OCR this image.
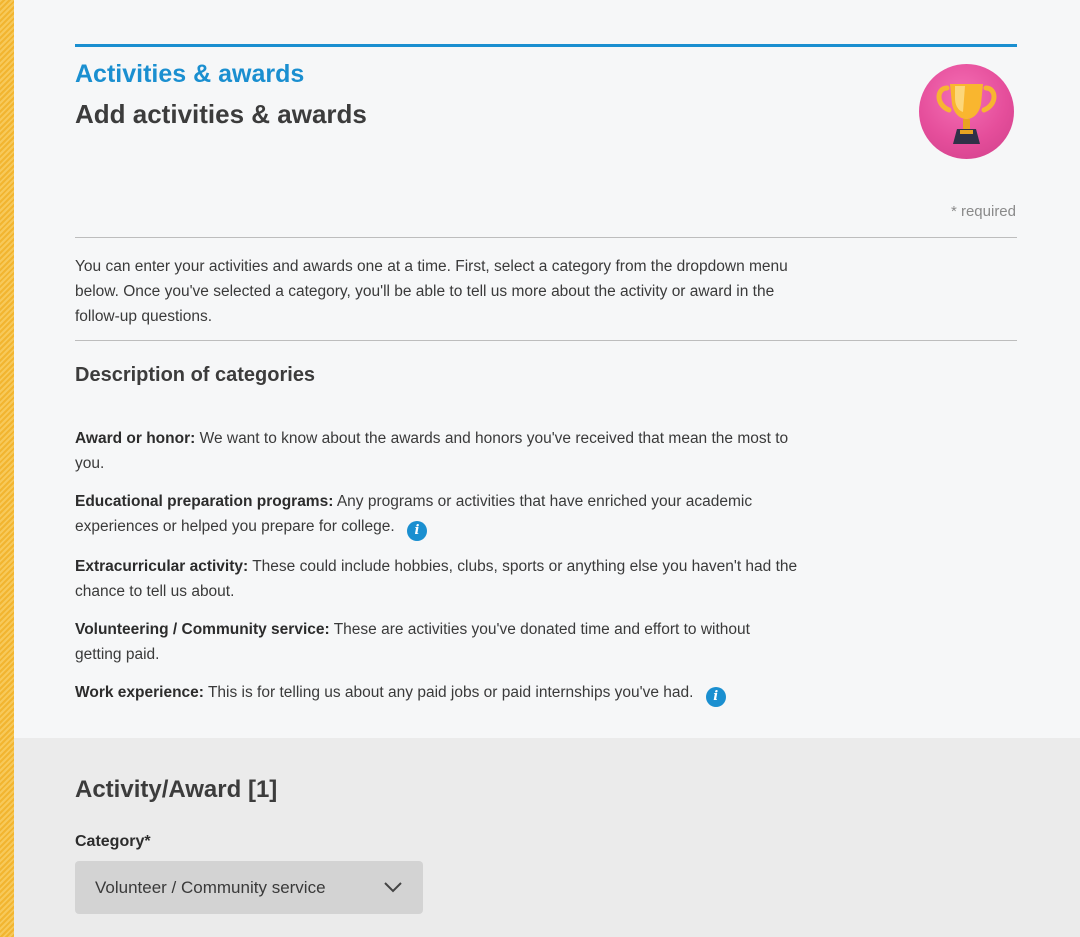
Activities & awards
Add activities & awards
* required

You can enter your activities and awards one at a time. First, select a category from the dropdown menu below. Once you've selected a category, you'll be able to tell us more about the activity or award in the follow-up questions.

Description of categories

Award or honor: We want to know about the awards and honors you've received that mean the most to you.

Educational preparation programs: Any programs or activities that have enriched your academic experiences or helped you prepare for college. i

Extracurricular activity: These could include hobbies, clubs, sports or anything else you haven't had the chance to tell us about.

Volunteering / Community service: These are activities you've donated time and effort to without getting paid.

Work experience: This is for telling us about any paid jobs or paid internships you've had. i

Activity/Award [1]
Category*
Volunteer / Community service
